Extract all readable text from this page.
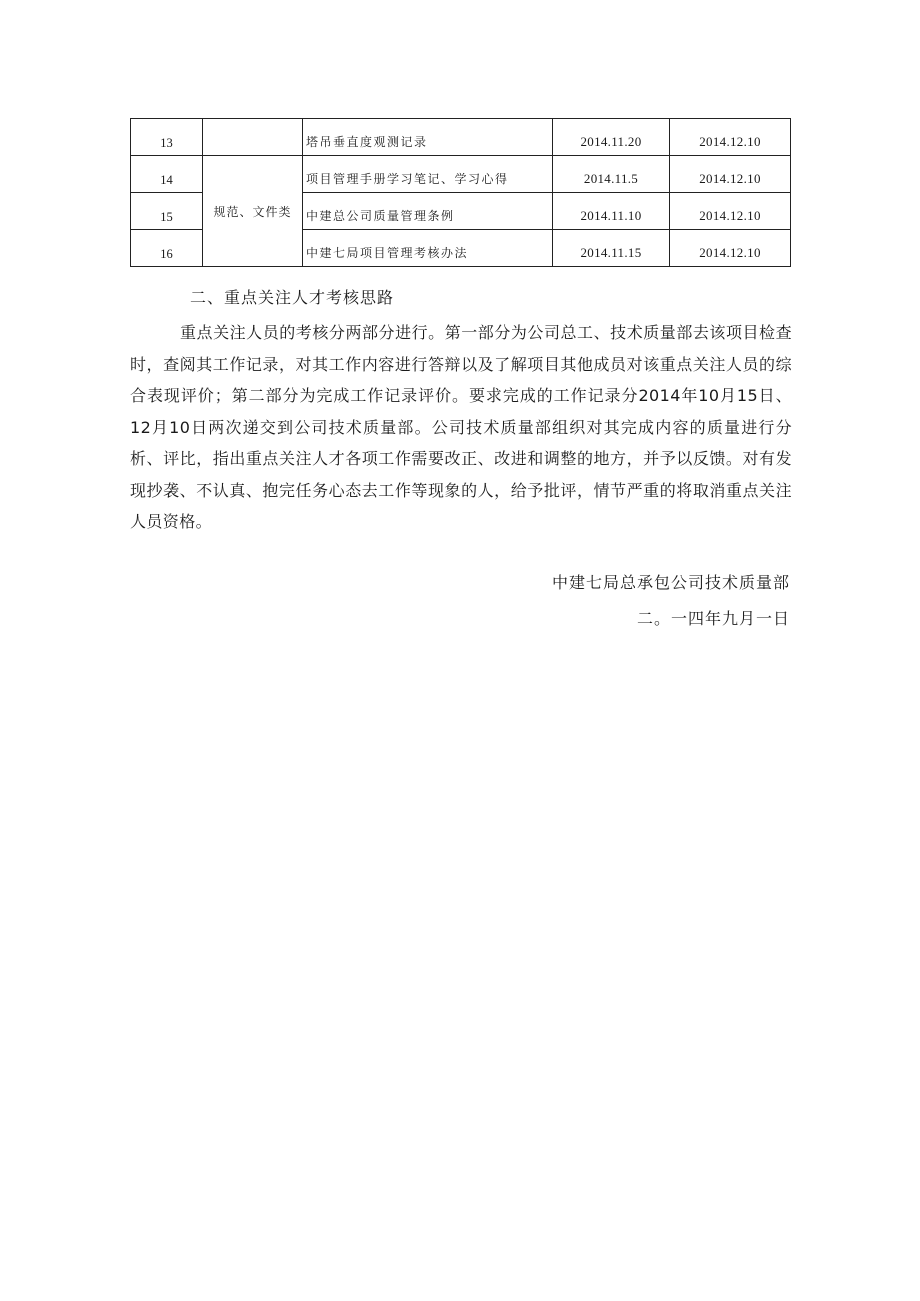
13		塔吊垂直度观测记录	2014.11.20	2014.12.10
14	规范、文件类	项目管理手册学习笔记、学习心得	2014.11.5	2014.12.10
15		中建总公司质量管理条例	2014.11.10	2014.12.10
16		中建七局项目管理考核办法	2014.11.15	2014.12.10
二、重点关注人才考核思路

重点关注人员的考核分两部分进行。第一部分为公司总工、技术质量部去该项目检查时，查阅其工作记录，对其工作内容进行答辩以及了解项目其他成员对该重点关注人员的综合表现评价；第二部分为完成工作记录评价。要求完成的工作记录分2014年10月15日、12月10日两次递交到公司技术质量部。公司技术质量部组织对其完成内容的质量进行分析、评比，指出重点关注人才各项工作需要改正、改进和调整的地方，并予以反馈。对有发现抄袭、不认真、抱完任务心态去工作等现象的人，给予批评，情节严重的将取消重点关注人员资格。

中建七局总承包公司技术质量部
二。一四年九月一日
